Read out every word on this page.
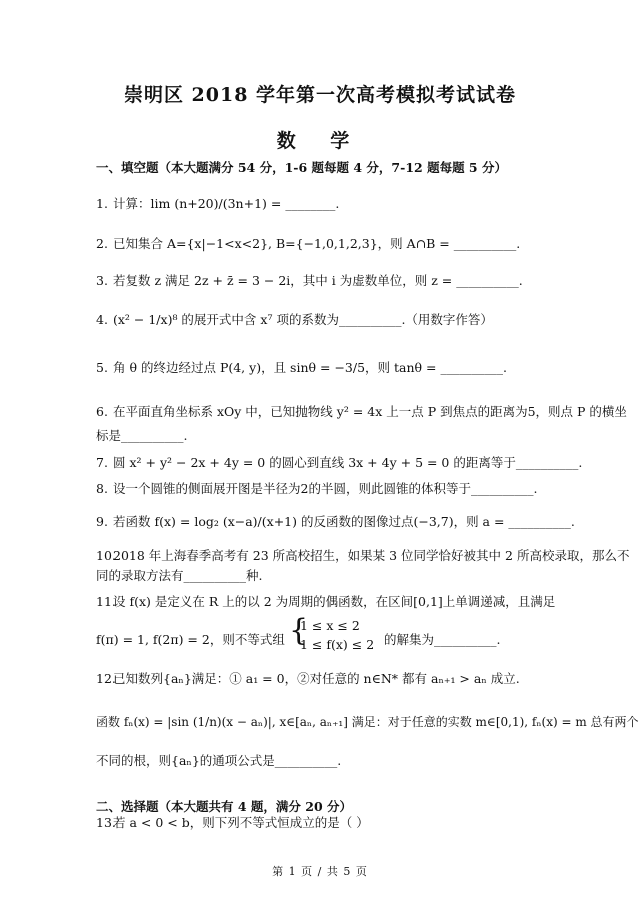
崇明区 2018 学年第一次高考模拟考试试卷
数 学
一、填空题（本大题满分 54 分，1-6 题每题 4 分，7-12 题每题 5 分）
1. 计算：lim (n+20)/(3n+1) = ________.
2. 已知集合 A={x|−1<x<2}, B={−1,0,1,2,3}，则 A∩B = __________.
3. 若复数 z 满足 2z + z̄ = 3 − 2i，其中 i 为虚数单位，则 z = __________.
4. (x² − 1/x)⁸ 的展开式中含 x⁷ 项的系数为__________.（用数字作答）
5. 角 θ 的终边经过点 P(4, y)，且 sinθ = −3/5，则 tanθ = __________.
6. 在平面直角坐标系 xOy 中，已知抛物线 y² = 4x 上一点 P 到焦点的距离为5，则点 P 的横坐
标是__________.
7. 圆 x² + y² − 2x + 4y = 0 的圆心到直线 3x + 4y + 5 = 0 的距离等于__________.
8. 设一个圆锥的侧面展开图是半径为2的半圆，则此圆锥的体积等于__________.
9. 若函数 f(x) = log₂ (x−a)/(x+1) 的反函数的图像过点(−3,7)，则 a = __________.
10.
2018 年上海春季高考有 23 所高校招生，如果某 3 位同学恰好被其中 2 所高校录取，那么不
同的录取方法有__________种.
11.
设 f(x) 是定义在 R 上的以 2 为周期的偶函数，在区间[0,1]上单调递减，且满足
f(π) = 1, f(2π) = 2，则不等式组 {
1 ≤ x ≤ 2
1 ≤ f(x) ≤ 2 的解集为__________.
12.
已知数列{aₙ}满足：① a₁ = 0，②对任意的 n∈N* 都有 aₙ₊₁ > aₙ 成立.
函数 fₙ(x) = |sin (1/n)(x − aₙ)|, x∈[aₙ, aₙ₊₁] 满足：对于任意的实数 m∈[0,1), fₙ(x) = m 总有两个
不同的根，则{aₙ}的通项公式是__________.
二、选择题（本大题共有 4 题，满分 20 分）
13.
若 a < 0 < b，则下列不等式恒成立的是（ ）
第 1 页 / 共 5 页
